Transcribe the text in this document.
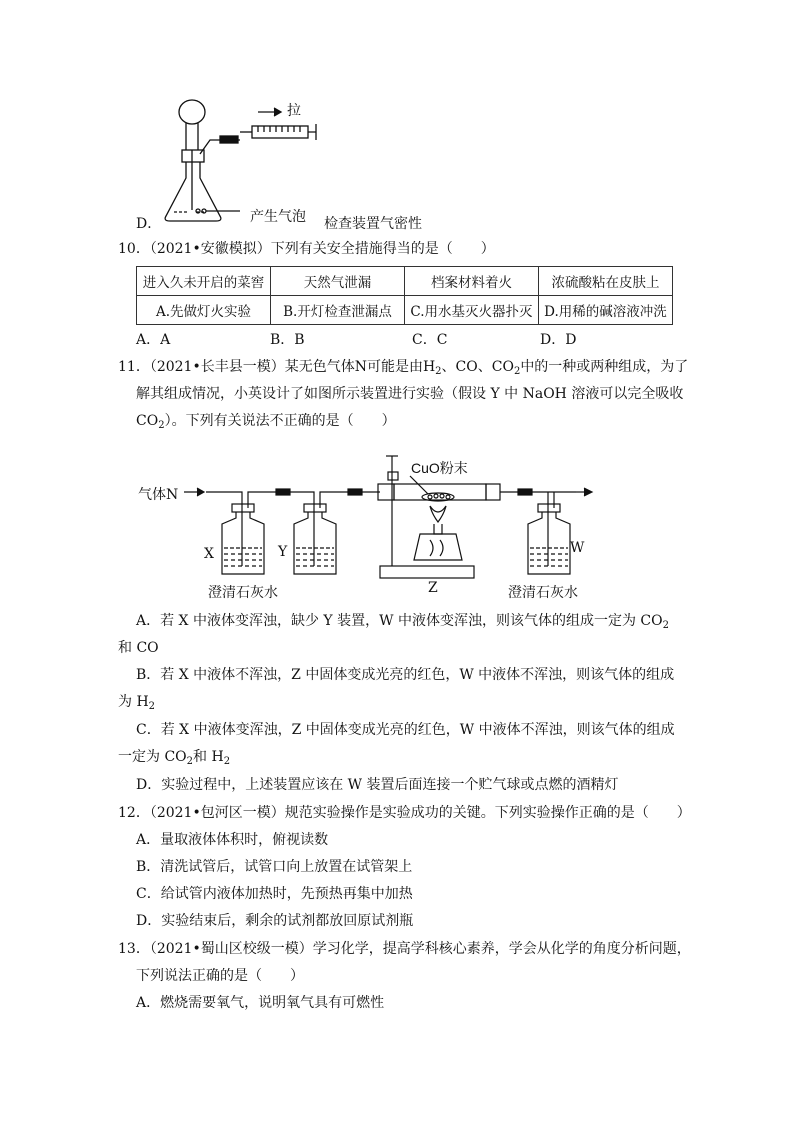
拉
D．	产生气泡 检查装置气密性
10．（2021•安徽模拟）下列有关安全措施得当的是（　　）
进入久未开启的菜窖	天然气泄漏	档案材料着火	浓硫酸粘在皮肤上
A.先做灯火实验	B.开灯检查泄漏点	C.用水基灭火器扑灭	D.用稀的碱溶液冲洗
A．A	B．B	C．C	D．D
11．（2021•长丰县一模）某无色气体N可能是由$H_2$、CO、$CO_2$中的一种或两种组成，为了
解其组成情况，小英设计了如图所示装置进行实验（假设 Y 中 NaOH 溶液可以完全吸收
$CO_2$）。下列有关说法不正确的是（　　）
气体N
CuO粉末
X	Y
Z
W
澄清石灰水	澄清石灰水
A．若 X 中液体变浑浊，缺少 Y 装置，W 中液体变浑浊，则该气体的组成一定为 $CO_2$
和 CO
B．若 X 中液体不浑浊，Z 中固体变成光亮的红色，W 中液体不浑浊，则该气体的组成
为 $H_2$
C．若 X 中液体变浑浊，Z 中固体变成光亮的红色，W 中液体不浑浊，则该气体的组成
一定为 $CO_2$和 $H_2$
D．实验过程中，上述装置应该在 W 装置后面连接一个贮气球或点燃的酒精灯
12．（2021•包河区一模）规范实验操作是实验成功的关键。下列实验操作正确的是（　　）
A．量取液体体积时，俯视读数
B．清洗试管后，试管口向上放置在试管架上
C．给试管内液体加热时，先预热再集中加热
D．实验结束后，剩余的试剂都放回原试剂瓶
13．（2021•蜀山区校级一模）学习化学，提高学科核心素养，学会从化学的角度分析问题，
下列说法正确的是（　　）
A．燃烧需要氧气，说明氧气具有可燃性
